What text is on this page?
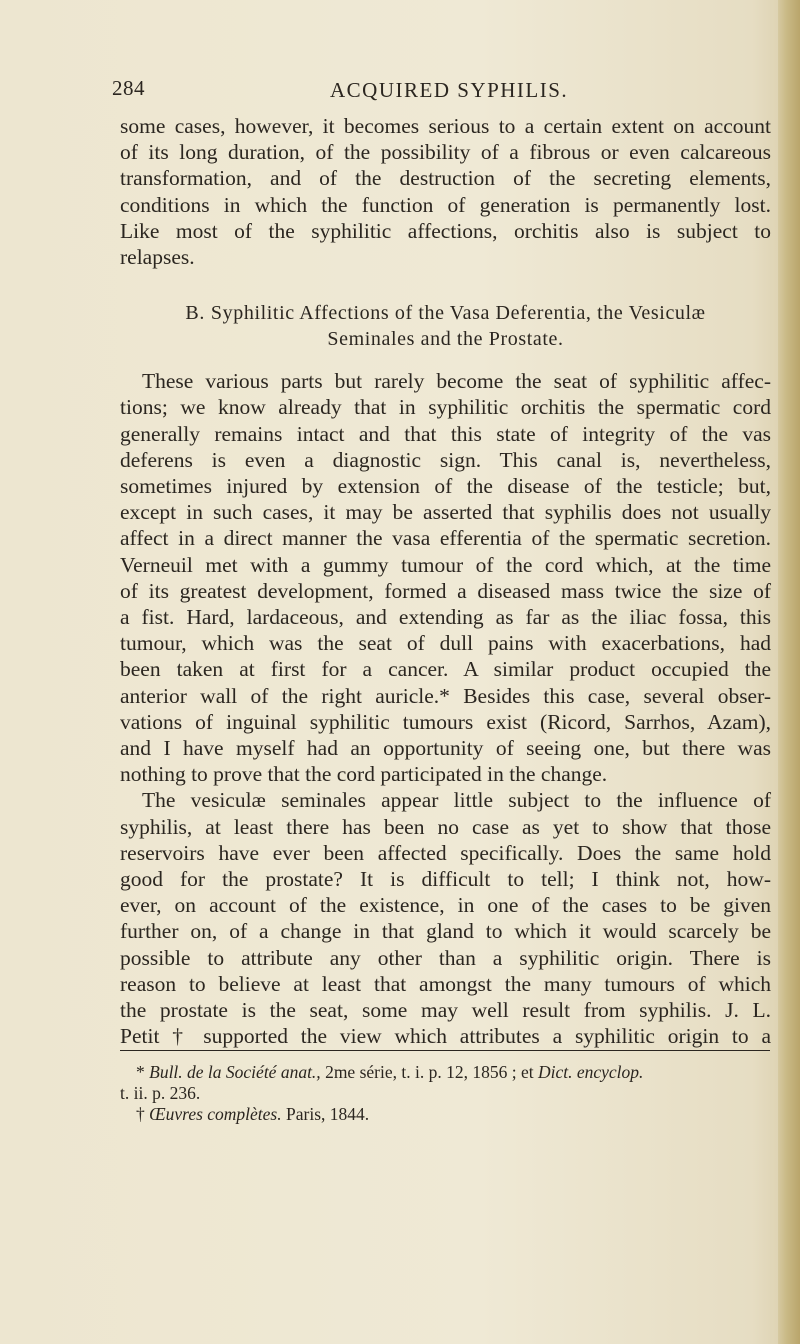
284	ACQUIRED SYPHILIS.
some cases, however, it becomes serious to a certain extent on account
of its long duration, of the possibility of a fibrous or even calcareous
transformation, and of the destruction of the secreting elements,
conditions in which the function of generation is permanently lost.
Like most of the syphilitic affections, orchitis also is subject to
relapses.
B. Syphilitic Affections of the Vasa Deferentia, the Vesiculæ
Seminales and the Prostate.
These various parts but rarely become the seat of syphilitic affec-
tions; we know already that in syphilitic orchitis the spermatic cord
generally remains intact and that this state of integrity of the vas
deferens is even a diagnostic sign. This canal is, nevertheless,
sometimes injured by extension of the disease of the testicle; but,
except in such cases, it may be asserted that syphilis does not usually
affect in a direct manner the vasa efferentia of the spermatic secretion.
Verneuil met with a gummy tumour of the cord which, at the time
of its greatest development, formed a diseased mass twice the size of
a fist. Hard, lardaceous, and extending as far as the iliac fossa, this
tumour, which was the seat of dull pains with exacerbations, had
been taken at first for a cancer. A similar product occupied the
anterior wall of the right auricle.* Besides this case, several obser-
vations of inguinal syphilitic tumours exist (Ricord, Sarrhos, Azam),
and I have myself had an opportunity of seeing one, but there was
nothing to prove that the cord participated in the change.
The vesiculæ seminales appear little subject to the influence of
syphilis, at least there has been no case as yet to show that those
reservoirs have ever been affected specifically. Does the same hold
good for the prostate? It is difficult to tell; I think not, how-
ever, on account of the existence, in one of the cases to be given
further on, of a change in that gland to which it would scarcely be
possible to attribute any other than a syphilitic origin. There is
reason to believe at least that amongst the many tumours of which
the prostate is the seat, some may well result from syphilis. J. L.
Petit † supported the view which attributes a syphilitic origin to a
* Bull. de la Société anat., 2me série, t. i. p. 12, 1856 ; et Dict. encyclop.
t. ii. p. 236.
† Œuvres complètes. Paris, 1844.
